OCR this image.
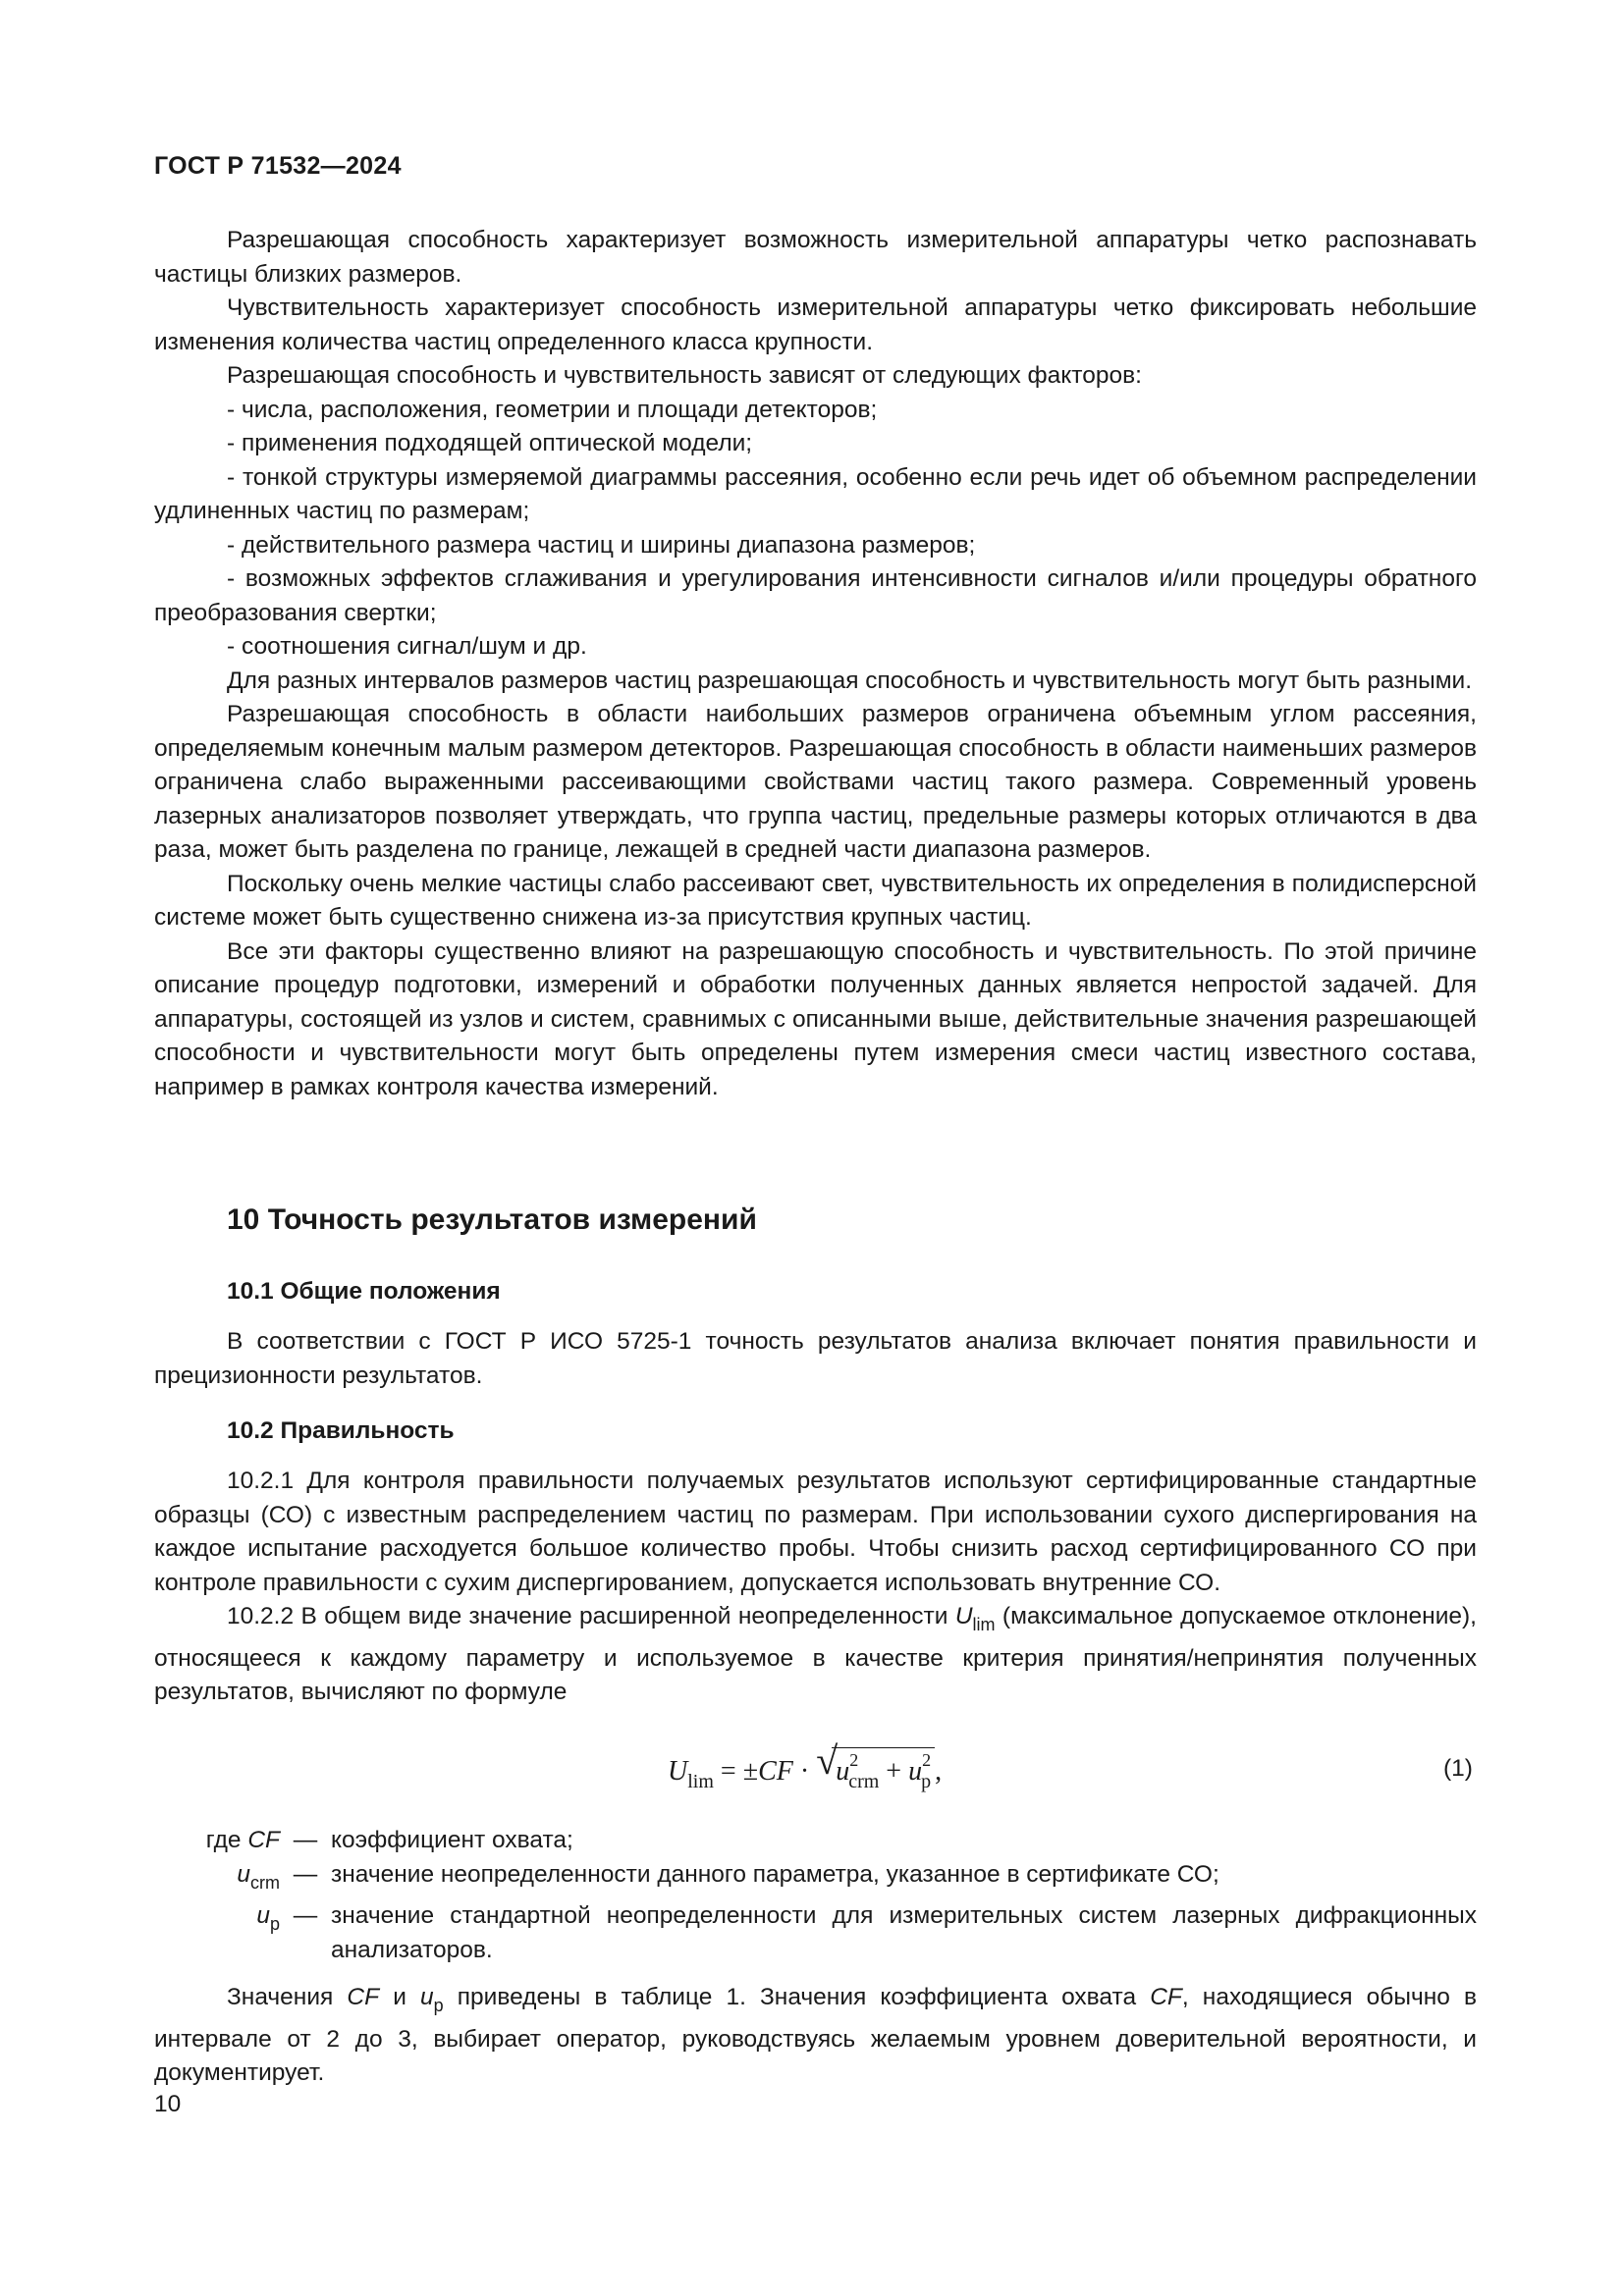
ГОСТ Р 71532—2024

Разрешающая способность характеризует возможность измерительной аппаратуры четко распознавать частицы близких размеров.

Чувствительность характеризует способность измерительной аппаратуры четко фиксировать небольшие изменения количества частиц определенного класса крупности.

Разрешающая способность и чувствительность зависят от следующих факторов:

- числа, расположения, геометрии и площади детекторов;

- применения подходящей оптической модели;

- тонкой структуры измеряемой диаграммы рассеяния, особенно если речь идет об объемном распределении удлиненных частиц по размерам;

- действительного размера частиц и ширины диапазона размеров;

- возможных эффектов сглаживания и урегулирования интенсивности сигналов и/или процедуры обратного преобразования свертки;

- соотношения сигнал/шум и др.

Для разных интервалов размеров частиц разрешающая способность и чувствительность могут быть разными.

Разрешающая способность в области наибольших размеров ограничена объемным углом рассеяния, определяемым конечным малым размером детекторов. Разрешающая способность в области наименьших размеров ограничена слабо выраженными рассеивающими свойствами частиц такого размера. Современный уровень лазерных анализаторов позволяет утверждать, что группа частиц, предельные размеры которых отличаются в два раза, может быть разделена по границе, лежащей в средней части диапазона размеров.

Поскольку очень мелкие частицы слабо рассеивают свет, чувствительность их определения в полидисперсной системе может быть существенно снижена из-за присутствия крупных частиц.

Все эти факторы существенно влияют на разрешающую способность и чувствительность. По этой причине описание процедур подготовки, измерений и обработки полученных данных является непростой задачей. Для аппаратуры, состоящей из узлов и систем, сравнимых с описанными выше, действительные значения разрешающей способности и чувствительности могут быть определены путем измерения смеси частиц известного состава, например в рамках контроля качества измерений.

10 Точность результатов измерений
10.1 Общие положения

В соответствии с ГОСТ Р ИСО 5725-1 точность результатов анализа включает понятия правильности и прецизионности результатов.

10.2 Правильность

10.2.1 Для контроля правильности получаемых результатов используют сертифицированные стандартные образцы (СО) с известным распределением частиц по размерам. При использовании сухого диспергирования на каждое испытание расходуется большое количество пробы. Чтобы снизить расход сертифицированного СО при контроле правильности с сухим диспергированием, допускается использовать внутренние СО.

10.2.2 В общем виде значение расширенной неопределенности $U_{lim}$ (максимальное допускаемое отклонение), относящееся к каждому параметру и используемое в качестве критерия принятия/непринятия полученных результатов, вычисляют по формуле

$U_{lim} = \pm CF$ · √
$u^2_{crm} + u^2_p$ ,	(1)
где CF — коэффициент охвата;
$u_{crm}$ — значение неопределенности данного параметра, указанное в сертификате СО;
$u_p$ — значение стандартной неопределенности для измерительных систем лазерных дифракционных анализаторов.

Значения CF и $u_p$ приведены в таблице 1. Значения коэффициента охвата CF, находящиеся обычно в интервале от 2 до 3, выбирает оператор, руководствуясь желаемым уровнем доверительной вероятности, и документирует.

10
